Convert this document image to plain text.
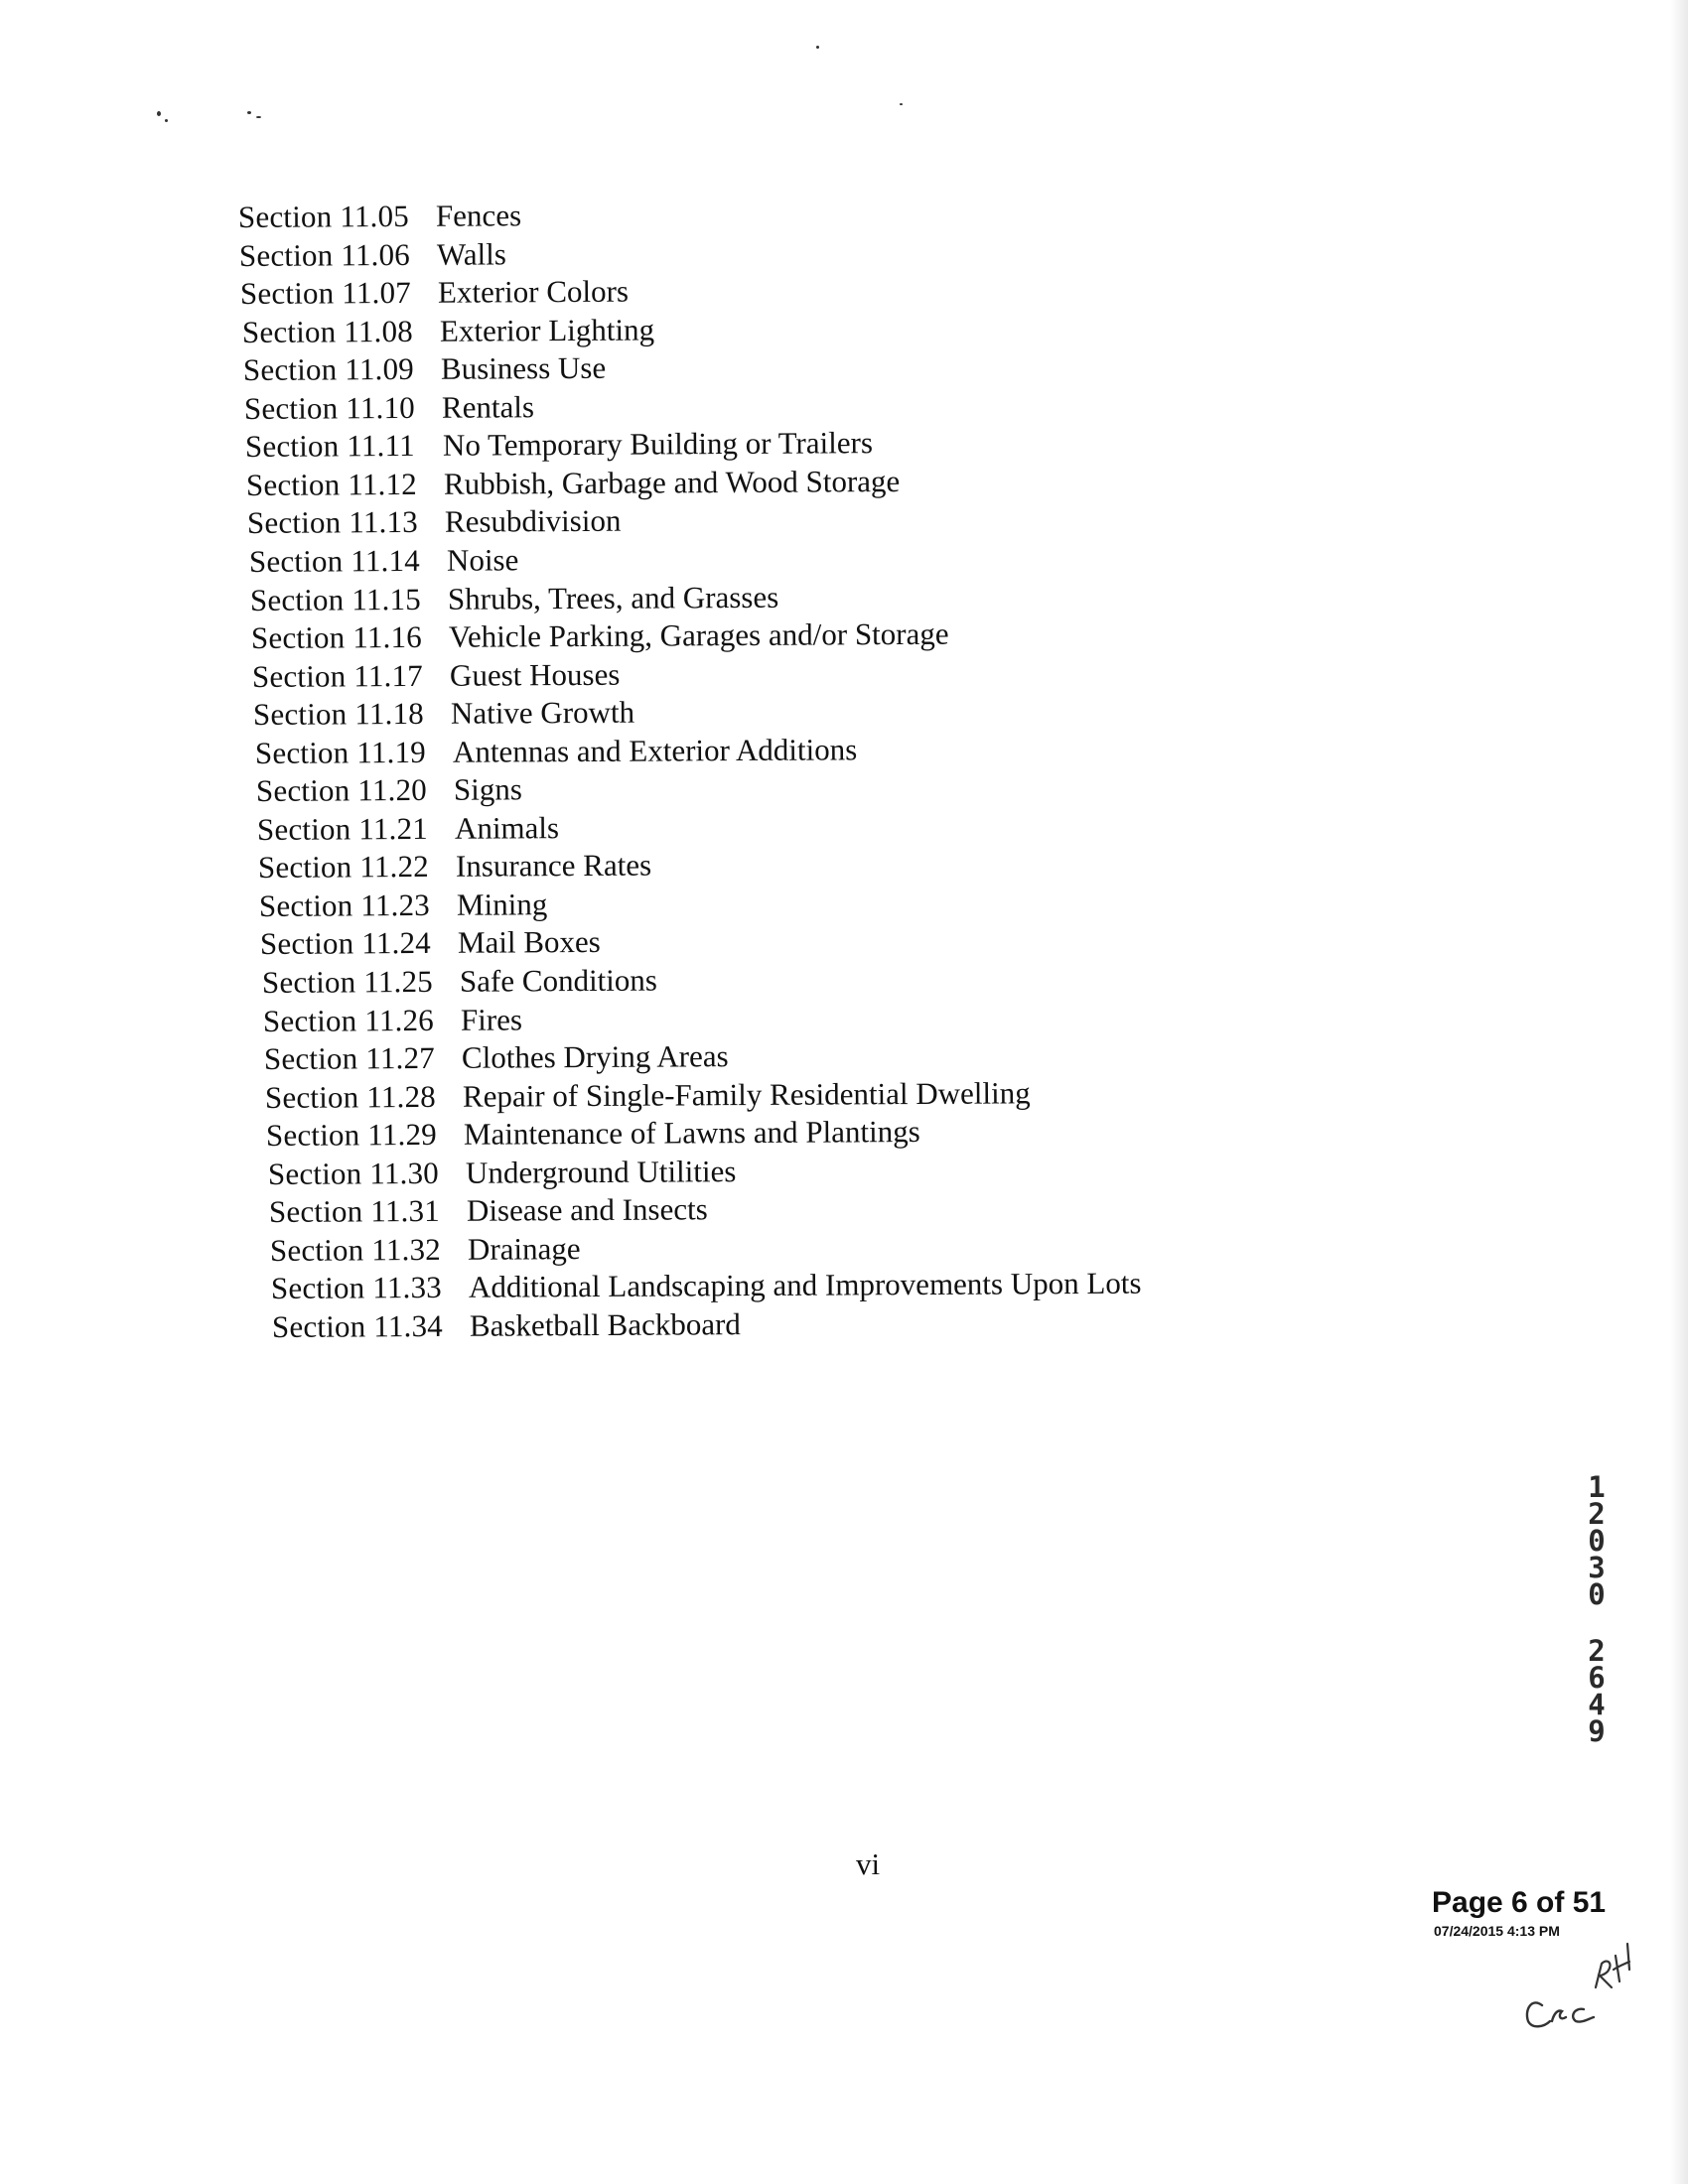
Section 11.05 Fences
Section 11.06 Walls
Section 11.07 Exterior Colors
Section 11.08 Exterior Lighting
Section 11.09 Business Use
Section 11.10 Rentals
Section 11.11 No Temporary Building or Trailers
Section 11.12 Rubbish, Garbage and Wood Storage
Section 11.13 Resubdivision
Section 11.14 Noise
Section 11.15 Shrubs, Trees, and Grasses
Section 11.16 Vehicle Parking, Garages and/or Storage
Section 11.17 Guest Houses
Section 11.18 Native Growth
Section 11.19 Antennas and Exterior Additions
Section 11.20 Signs
Section 11.21 Animals
Section 11.22 Insurance Rates
Section 11.23 Mining
Section 11.24 Mail Boxes
Section 11.25 Safe Conditions
Section 11.26 Fires
Section 11.27 Clothes Drying Areas
Section 11.28 Repair of Single-Family Residential Dwelling
Section 11.29 Maintenance of Lawns and Plantings
Section 11.30 Underground Utilities
Section 11.31 Disease and Insects
Section 11.32 Drainage
Section 11.33 Additional Landscaping and Improvements Upon Lots
Section 11.34 Basketball Backboard
vi
1
2
0
3
0
2
6
4
9
Page 6 of 51
07/24/2015 4:13 PM
